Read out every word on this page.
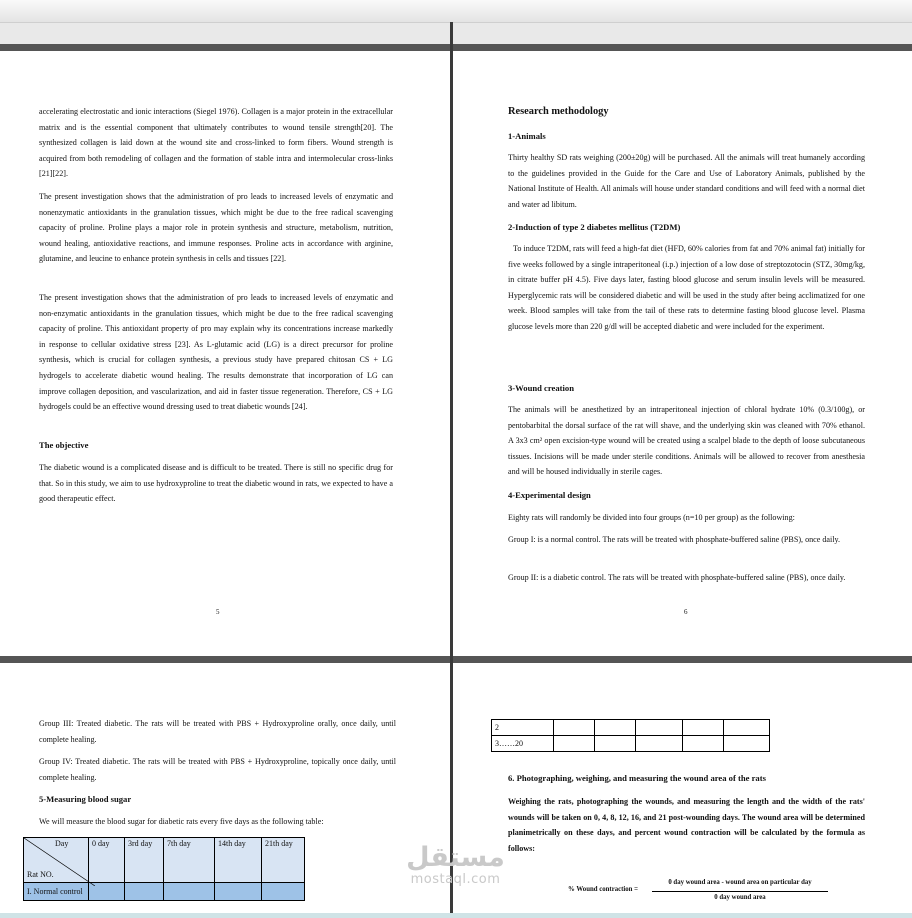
accelerating electrostatic and ionic interactions (Siegel 1976). Collagen is a major protein in the extracellular matrix and is the essential component that ultimately contributes to wound tensile strength[20]. The synthesized collagen is laid down at the wound site and cross-linked to form fibers. Wound strength is acquired from both remodeling of collagen and the formation of stable intra and intermolecular cross-links [21][22].

The present investigation shows that the administration of pro leads to increased levels of enzymatic and nonenzymatic antioxidants in the granulation tissues, which might be due to the free radical scavenging capacity of proline. Proline plays a major role in protein synthesis and structure, metabolism, nutrition, wound healing, antioxidative reactions, and immune responses. Proline acts in accordance with arginine, glutamine, and leucine to enhance protein synthesis in cells and tissues [22].

The present investigation shows that the administration of pro leads to increased levels of enzymatic and non-enzymatic antioxidants in the granulation tissues, which might be due to the free radical scavenging capacity of proline. This antioxidant property of pro may explain why its concentrations increase markedly in response to cellular oxidative stress [23]. As L-glutamic acid (LG) is a direct precursor for proline synthesis, which is crucial for collagen synthesis, a previous study have prepared chitosan CS + LG hydrogels to accelerate diabetic wound healing. The results demonstrate that incorporation of LG can improve collagen deposition, and vascularization, and aid in faster tissue regeneration. Therefore, CS + LG hydrogels could be an effective wound dressing used to treat diabetic wounds [24].

The objective

The diabetic wound is a complicated disease and is difficult to be treated. There is still no specific drug for that. So in this study, we aim to use hydroxyproline to treat the diabetic wound in rats, we expected to have a good therapeutic effect.

5

Research methodology

1-Animals

Thirty healthy SD rats weighing (200±20g) will be purchased. All the animals will treat humanely according to the guidelines provided in the Guide for the Care and Use of Laboratory Animals, published by the National Institute of Health. All animals will house under standard conditions and will feed with a normal diet and water ad libitum.

2-Induction of type 2 diabetes mellitus (T2DM)

To induce T2DM, rats will feed a high-fat diet (HFD, 60% calories from fat and 70% animal fat) initially for five weeks followed by a single intraperitoneal (i.p.) injection of a low dose of streptozotocin (STZ, 30mg/kg, in citrate buffer pH 4.5). Five days later, fasting blood glucose and serum insulin levels will be measured. Hyperglycemic rats will be considered diabetic and will be used in the study after being acclimatized for one week. Blood samples will take from the tail of these rats to determine fasting blood glucose level. Plasma glucose levels more than 220 g/dl will be accepted diabetic and were included for the experiment.

3-Wound creation

The animals will be anesthetized by an intraperitoneal injection of chloral hydrate 10% (0.3/100g), or pentobarbital the dorsal surface of the rat will shave, and the underlying skin was cleaned with 70% ethanol. A 3x3 cm² open excision-type wound will be created using a scalpel blade to the depth of loose subcutaneous tissues. Incisions will be made under sterile conditions. Animals will be allowed to recover from anesthesia and will be housed individually in sterile cages.

4-Experimental design

Eighty rats will randomly be divided into four groups (n=10 per group) as the following:

Group I: is a normal control. The rats will be treated with phosphate-buffered saline (PBS), once daily.

Group II: is a diabetic control. The rats will be treated with phosphate-buffered saline (PBS), once daily.

6

Group III: Treated diabetic. The rats will be treated with PBS + Hydroxyproline orally, once daily, until complete healing.

Group IV: Treated diabetic. The rats will be treated with PBS + Hydroxyproline, topically once daily, until complete healing.

5-Measuring blood sugar

We will measure the blood sugar for diabetic rats every five days as the following table:

Day
Rat NO.	0 day	3rd day	7th day	14th day	21th day
I. Normal control					
2					
3……20					

6. Photographing, weighing, and measuring the wound area of the rats

Weighing the rats, photographing the wounds, and measuring the length and the width of the rats' wounds will be taken on 0, 4, 8, 12, 16, and 21 post-wounding days. The wound area will be determined planimetrically on these days, and percent wound contraction will be calculated by the formula as follows:

% Wound contraction =
0 day wound area - wound area on particular day
0 day wound area
مستقل
mostaql.com
